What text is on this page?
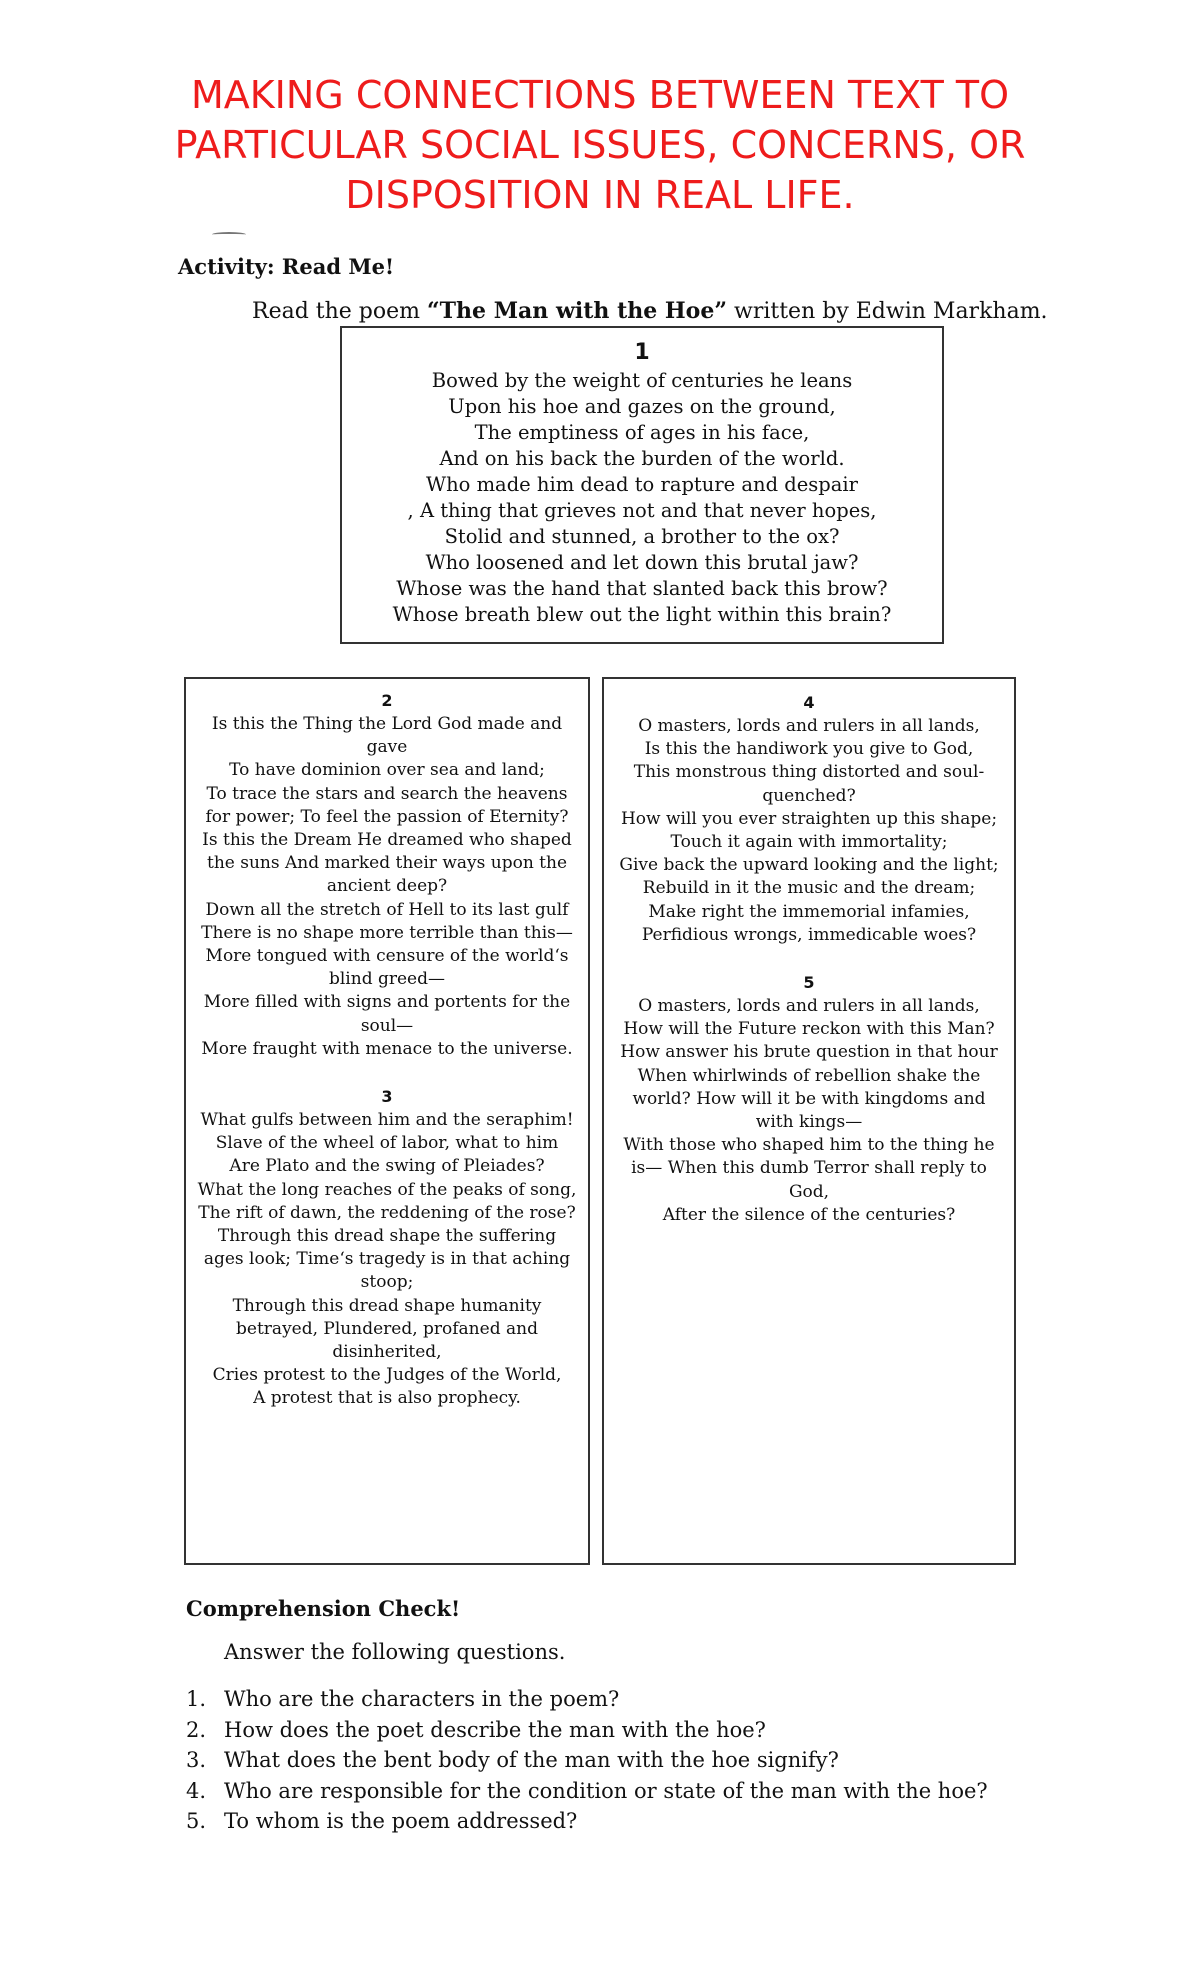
MAKING CONNECTIONS BETWEEN TEXT TO PARTICULAR SOCIAL ISSUES, CONCERNS, OR DISPOSITION IN REAL LIFE.
Activity: Read Me!
Read the poem “The Man with the Hoe” written by Edwin Markham.
1
Bowed by the weight of centuries he leans
Upon his hoe and gazes on the ground,
The emptiness of ages in his face,
And on his back the burden of the world.
Who made him dead to rapture and despair
, A thing that grieves not and that never hopes,
Stolid and stunned, a brother to the ox?
Who loosened and let down this brutal jaw?
Whose was the hand that slanted back this brow?
Whose breath blew out the light within this brain?
2
Is this the Thing the Lord God made and gave
To have dominion over sea and land;
To trace the stars and search the heavens for power; To feel the passion of Eternity?
Is this the Dream He dreamed who shaped the suns And marked their ways upon the ancient deep?
Down all the stretch of Hell to its last gulf
There is no shape more terrible than this—
More tongued with censure of the world‘s blind greed—
More filled with signs and portents for the soul—
More fraught with menace to the universe.
3
What gulfs between him and the seraphim!
Slave of the wheel of labor, what to him
Are Plato and the swing of Pleiades?
What the long reaches of the peaks of song,
The rift of dawn, the reddening of the rose? Through this dread shape the suffering ages look; Time‘s tragedy is in that aching stoop;
Through this dread shape humanity betrayed, Plundered, profaned and disinherited,
Cries protest to the Judges of the World,
A protest that is also prophecy.
4
O masters, lords and rulers in all lands,
Is this the handiwork you give to God,
This monstrous thing distorted and soul-quenched?
How will you ever straighten up this shape;
Touch it again with immortality;
Give back the upward looking and the light; Rebuild in it the music and the dream;
Make right the immemorial infamies,
Perfidious wrongs, immedicable woes?
5
O masters, lords and rulers in all lands,
How will the Future reckon with this Man?
How answer his brute question in that hour
When whirlwinds of rebellion shake the world? How will it be with kingdoms and with kings—
With those who shaped him to the thing he is— When this dumb Terror shall reply to God,
After the silence of the centuries?
Comprehension Check!
Answer the following questions.
1. Who are the characters in the poem?
2. How does the poet describe the man with the hoe?
3. What does the bent body of the man with the hoe signify?
4. Who are responsible for the condition or state of the man with the hoe?
5. To whom is the poem addressed?
